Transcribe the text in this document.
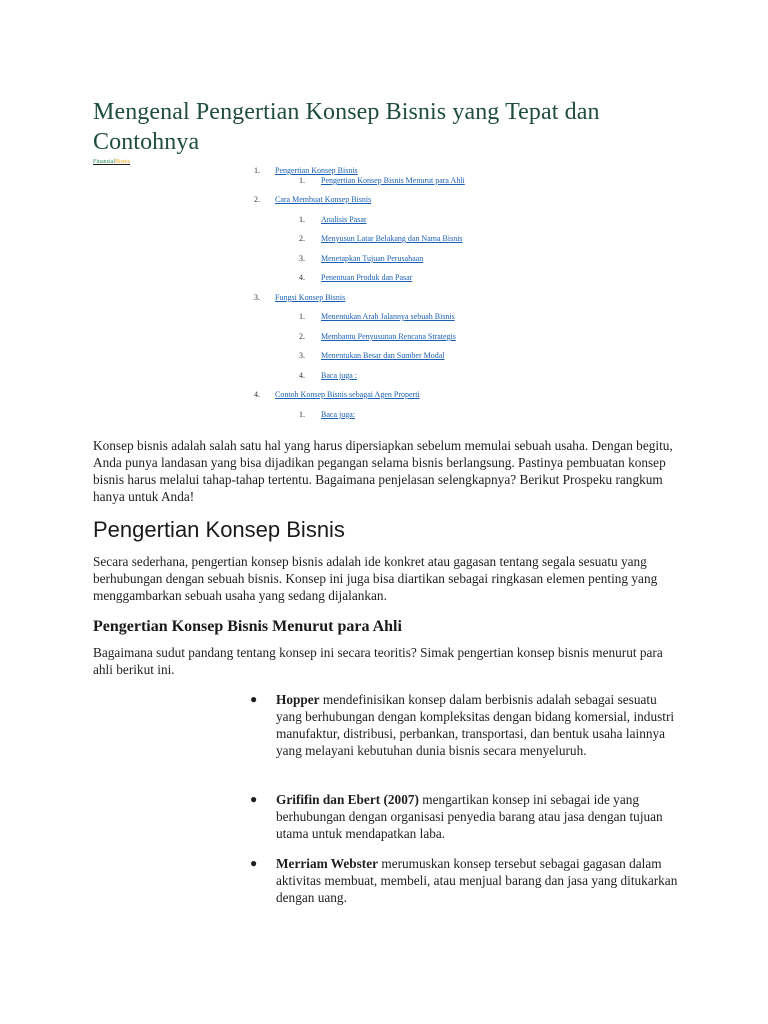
Mengenal Pengertian Konsep Bisnis yang Tepat dan Contohnya
FinansialBisnis
1. Pengertian Konsep Bisnis
1. Pengertian Konsep Bisnis Menurut para Ahli
2. Cara Membuat Konsep Bisnis
1. Analisis Pasar
2. Menyusun Latar Belakang dan Nama Bisnis
3. Menetapkan Tujuan Perusahaan
4. Penentuan Produk dan Pasar
3. Fungsi Konsep Bisnis
1. Menentukan Arah Jalannya sebuah Bisnis
2. Membantu Penyusunan Rencana Strategis
3. Menentukan Besar dan Sumber Modal
4. Baca juga :
4. Contoh Konsep Bisnis sebagai Agen Properti
1. Baca juga:

Konsep bisnis adalah salah satu hal yang harus dipersiapkan sebelum memulai sebuah usaha. Dengan begitu, Anda punya landasan yang bisa dijadikan pegangan selama bisnis berlangsung. Pastinya pembuatan konsep bisnis harus melalui tahap-tahap tertentu. Bagaimana penjelasan selengkapnya? Berikut Prospeku rangkum hanya untuk Anda!

Pengertian Konsep Bisnis

Secara sederhana, pengertian konsep bisnis adalah ide konkret atau gagasan tentang segala sesuatu yang berhubungan dengan sebuah bisnis. Konsep ini juga bisa diartikan sebagai ringkasan elemen penting yang menggambarkan sebuah usaha yang sedang dijalankan.

Pengertian Konsep Bisnis Menurut para Ahli

Bagaimana sudut pandang tentang konsep ini secara teoritis? Simak pengertian konsep bisnis menurut para ahli berikut ini.

● Hopper mendefinisikan konsep dalam berbisnis adalah sebagai sesuatu yang berhubungan dengan kompleksitas dengan bidang komersial, industri manufaktur, distribusi, perbankan, transportasi, dan bentuk usaha lainnya yang melayani kebutuhan dunia bisnis secara menyeluruh.
● Grififin dan Ebert (2007) mengartikan konsep ini sebagai ide yang berhubungan dengan organisasi penyedia barang atau jasa dengan tujuan utama untuk mendapatkan laba.
● Merriam Webster merumuskan konsep tersebut sebagai gagasan dalam aktivitas membuat, membeli, atau menjual barang dan jasa yang ditukarkan dengan uang.
